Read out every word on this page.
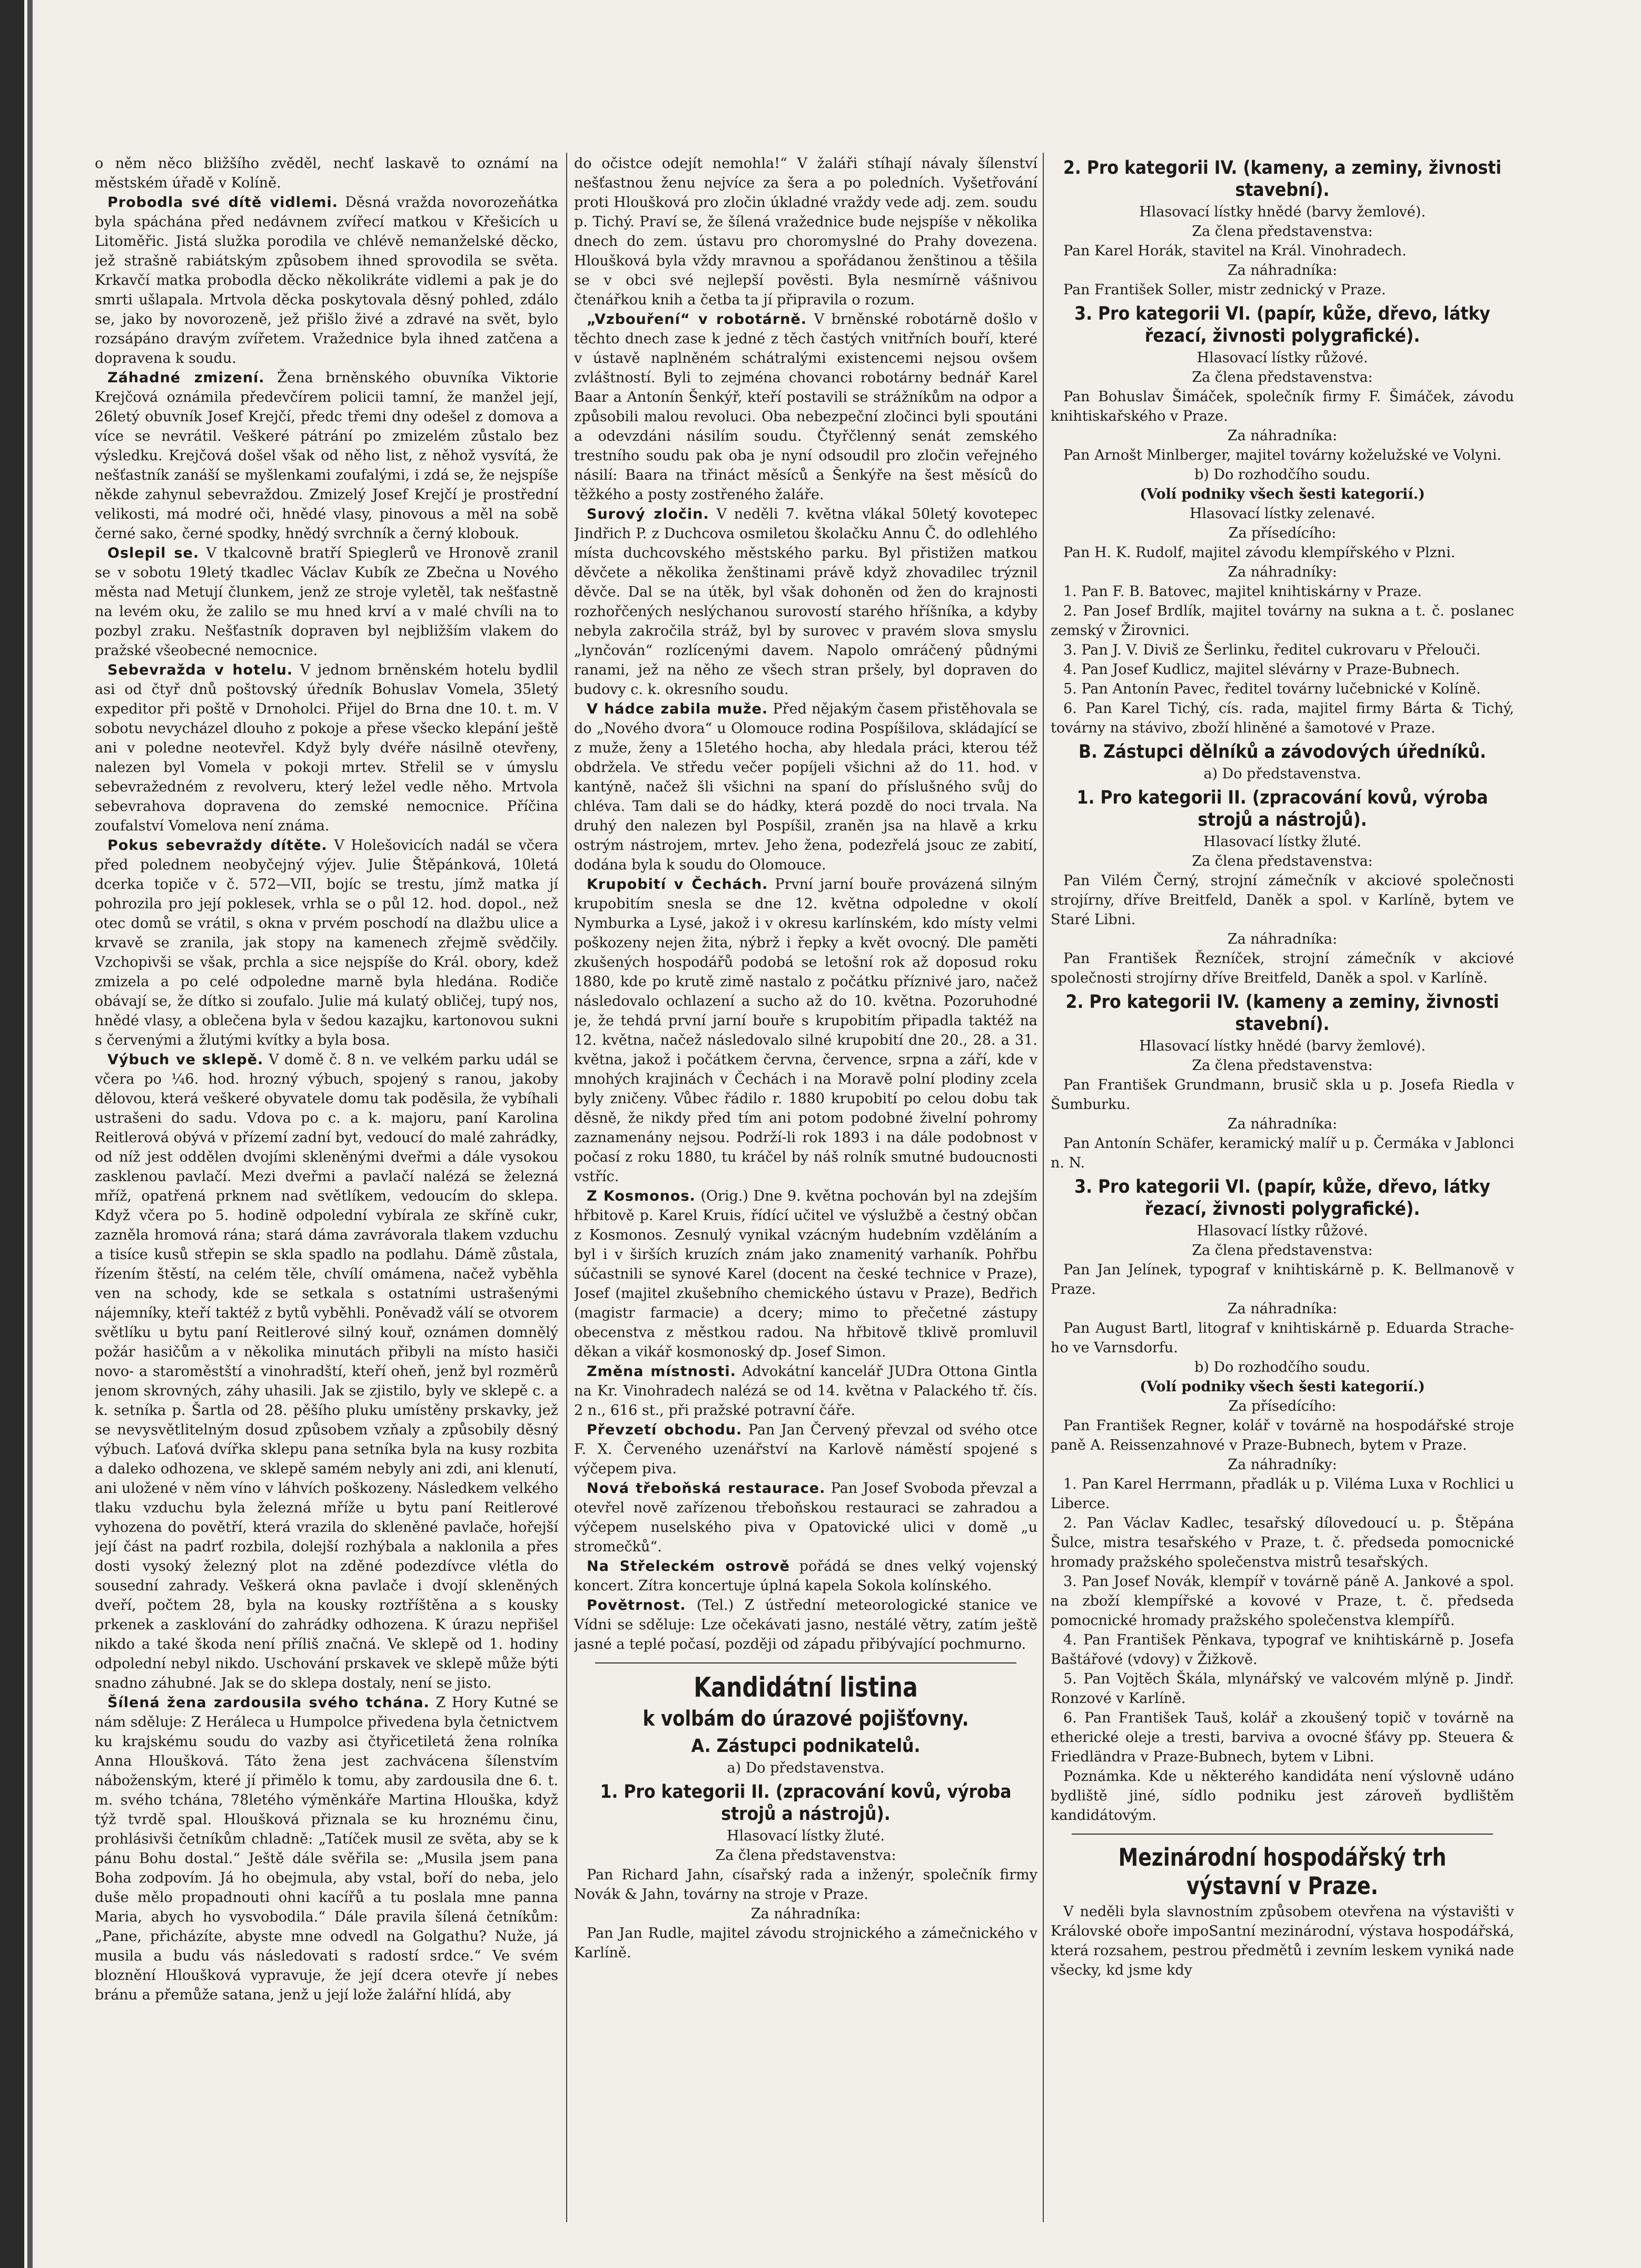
o něm něco bližšího zvěděl, nechť laskavě to oznámí na městském úřadě v Kolíně.

Probodla své dítě vidlemi. Děsná vražda novorozeňátka byla spáchána před nedávnem zvířecí matkou v Křešicích u Litoměřic. Jistá služka porodila ve chlévě nemanželské děcko, jež strašně rabiátským způsobem ihned sprovodila se světa. Krkavčí matka probodla děcko několikráte vidlemi a pak je do smrti ušlapala. Mrtvola děcka poskytovala děsný pohled, zdálo se, jako by novorozeně, jež přišlo živé a zdravé na svět, bylo rozsápáno dravým zvířetem. Vražednice byla ihned zatčena a dopravena k soudu.

Záhadné zmizení. Žena brněnského obuvníka Viktorie Krejčová oznámila předevčírem policii tamní, že manžel její, 26letý obuvník Josef Krejčí, předc třemi dny odešel z domova a více se nevrátil. Veškeré pátrání po zmizelém zůstalo bez výsledku. Krejčová došel však od něho list, z něhož vysvítá, že nešťastník zanáší se myšlenkami zoufalými, i zdá se, že nejspíše někde zahynul sebevraždou. Zmizelý Josef Krejčí je prostřední velikosti, má modré oči, hnědé vlasy, pinovous a měl na sobě černé sako, černé spodky, hnědý svrchník a černý klobouk.

Oslepil se. V tkalcovně bratří Spieglerů ve Hronově zranil se v sobotu 19letý tkadlec Václav Kubík ze Zbečna u Nového města nad Metují člunkem, jenž ze stroje vyletěl, tak nešťastně na levém oku, že zalilo se mu hned krví a v malé chvíli na to pozbyl zraku. Nešťastník dopraven byl nejbližším vlakem do pražské všeobecné nemocnice.

Sebevražda v hotelu. V jednom brněnském hotelu bydlil asi od čtyř dnů poštovský úředník Bohuslav Vomela, 35letý expeditor při poště v Drnoholci. Přijel do Brna dne 10. t. m. V sobotu nevycházel dlouho z pokoje a přese všecko klepání ještě ani v poledne neotevřel. Když byly dvéře násilně otevřeny, nalezen byl Vomela v pokoji mrtev. Střelil se v úmyslu sebevražedném z revolveru, který ležel vedle něho. Mrtvola sebevrahova dopravena do zemské nemocnice. Příčina zoufalství Vomelova není známa.

Pokus sebevraždy dítěte. V Holešovicích nadál se včera před polednem neobyčejný výjev. Julie Štěpánková, 10letá dcerka topiče v č. 572—VII, bojíc se trestu, jímž matka jí pohrozila pro její poklesek, vrhla se o půl 12. hod. dopol., než otec domů se vrátil, s okna v prvém poschodí na dlažbu ulice a krvavě se zranila, jak stopy na kamenech zřejmě svědčily. Vzchopivši se však, prchla a sice nejspíše do Král. obory, kdež zmizela a po celé odpoledne marně byla hledána. Rodiče obávají se, že dítko si zoufalo. Julie má kulatý obličej, tupý nos, hnědé vlasy, a oblečena byla v šedou kazajku, kartonovou sukni s červenými a žlutými kvítky a byla bosa.

Výbuch ve sklepě. V domě č. 8 n. ve velkém parku udál se včera po ¼6. hod. hrozný výbuch, spojený s ranou, jakoby dělovou, která veškeré obyvatele domu tak poděsila, že vybíhali ustrašeni do sadu. Vdova po c. a k. majoru, paní Karolina Reitlerová obývá v přízemí zadní byt, vedoucí do malé zahrádky, od níž jest oddělen dvojími skleněnými dveřmi a dále vysokou zasklenou pavlačí. Mezi dveřmi a pavlačí nalézá se železná mříž, opatřená prknem nad světlíkem, vedoucím do sklepa. Když včera po 5. hodině odpolední vybírala ze skříně cukr, zazněla hromová rána; stará dáma zavrávorala tlakem vzduchu a tisíce kusů střepin se skla spadlo na podlahu. Dámě zůstala, řízením štěstí, na celém těle, chvílí omámena, načež vyběhla ven na schody, kde se setkala s ostatními ustrašenými nájemníky, kteří taktéž z bytů vyběhli. Poněvadž válí se otvorem světlíku u bytu paní Reitlerové silný kouř, oznámen domnělý požár hasičům a v několika minutách přibyli na místo hasiči novo- a staroměstští a vinohradští, kteří oheň, jenž byl rozměrů jenom skrovných, záhy uhasili. Jak se zjistilo, byly ve sklepě c. a k. setníka p. Šartla od 28. pěšího pluku umístěny prskavky, jež se nevysvětlitelným dosud způsobem vzňaly a způsobily děsný výbuch. Laťová dvířka sklepu pana setníka byla na kusy rozbita a daleko odhozena, ve sklepě samém nebyly ani zdi, ani klenutí, ani uložené v něm víno v láhvích poškozeny. Následkem velkého tlaku vzduchu byla železná mříže u bytu paní Reitlerové vyhozena do povětří, která vrazila do skleněné pavlače, hořejší její část na padrť rozbila, dolejší rozhýbala a naklonila a přes dosti vysoký železný plot na zděné podezdívce vlétla do sousední zahrady. Veškerá okna pavlače i dvojí skleněných dveří, počtem 28, byla na kousky roztříštěna a s kousky prkenek a zasklování do zahrádky odhozena. K úrazu nepřišel nikdo a také škoda není příliš značná. Ve sklepě od 1. hodiny odpolední nebyl nikdo. Uschování prskavek ve sklepě může býti snadno záhubné. Jak se do sklepa dostaly, není se jisto.

Šílená žena zardousila svého tchána. Z Hory Kutné se nám sděluje: Z Heráleca u Humpolce přivedena byla četnictvem ku krajskému soudu do vazby asi čtyřicetiletá žena rolníka Anna Hloušková. Táto žena jest zachvácena šílenstvím náboženským, které jí přimělo k tomu, aby zardousila dne 6. t. m. svého tchána, 78letého výměnkáře Martina Hlouška, když týž tvrdě spal. Hloušková přiznala se ku hroznému činu, prohlásivši četníkům chladně: „Tatíček musil ze světa, aby se k pánu Bohu dostal.“ Ještě dále svěřila se: „Musila jsem pana Boha zodpovím. Já ho obejmula, aby vstal, boří do neba, jelo duše mělo propadnouti ohni kacířů a tu poslala mne panna Maria, abych ho vysvobodila.“ Dále pravila šílená četníkům: „Pane, přicházíte, abyste mne odvedl na Golgathu? Nuže, já musila a budu vás následovati s radostí srdce.“ Ve svém bloznění Hloušková vypravuje, že její dcera otevře jí nebes bránu a přemůže satana, jenž u její lože žalářní hlídá, aby

do očistce odejít nemohla!“ V žaláři stíhají návaly šílenství nešťastnou ženu nejvíce za šera a po poledních. Vyšetřování proti Hloušková pro zločin úkladné vraždy vede adj. zem. soudu p. Tichý. Praví se, že šílená vražednice bude nejspíše v několika dnech do zem. ústavu pro choromyslné do Prahy dovezena. Hloušková byla vždy mravnou a spořádanou ženštinou a těšila se v obci své nejlepší pověsti. Byla nesmírně vášnivou čtenářkou knih a četba ta jí připravila o rozum.

„Vzbouření“ v robotárně. V brněnské robotárně došlo v těchto dnech zase k jedné z těch častých vnitřních bouří, které v ústavě naplněném schátralými existencemi nejsou ovšem zvláštností. Byli to zejména chovanci robotárny bednář Karel Baar a Antonín Šenkýř, kteří postavili se strážníkům na odpor a způsobili malou revoluci. Oba nebezpeční zločinci byli spoutáni a odevzdáni násilím soudu. Čtyřčlenný senát zemského trestního soudu pak oba je nyní odsoudil pro zločin veřejného násilí: Baara na třináct měsíců a Šenkýře na šest měsíců do těžkého a posty zostřeného žaláře.

Surový zločin. V neděli 7. května vlákal 50letý kovotepec Jindřich P. z Duchcova osmiletou školačku Annu Č. do odlehlého místa duchcovského městského parku. Byl přistižen matkou děvčete a několika ženštinami právě když zhovadilec trýznil děvče. Dal se na útěk, byl však dohoněn od žen do krajnosti rozhořčených neslýchanou surovostí starého hříšníka, a kdyby nebyla zakročila stráž, byl by surovec v pravém slova smyslu „lynčován“ rozlícenými davem. Napolo omráčený půdnými ranami, jež na něho ze všech stran pršely, byl dopraven do budovy c. k. okresního soudu.

V hádce zabila muže. Před nějakým časem přistěhovala se do „Nového dvora“ u Olomouce rodina Pospíšilova, skládající se z muže, ženy a 15letého hocha, aby hledala práci, kterou též obdržela. Ve středu večer popíjeli všichni až do 11. hod. v kantýně, načež šli všichni na spaní do příslušného svůj do chléva. Tam dali se do hádky, která pozdě do noci trvala. Na druhý den nalezen byl Pospíšil, zraněn jsa na hlavě a krku ostrým nástrojem, mrtev. Jeho žena, podezřelá jsouc ze zabití, dodána byla k soudu do Olomouce.

Krupobití v Čechách. První jarní bouře provázená silným krupobitím snesla se dne 12. května odpoledne v okolí Nymburka a Lysé, jakož i v okresu karlínském, kdo místy velmi poškozeny nejen žita, nýbrž i řepky a květ ovocný. Dle paměti zkušených hospodářů podobá se letošní rok až doposud roku 1880, kde po krutě zimě nastalo z počátku příznivé jaro, načež následovalo ochlazení a sucho až do 10. května. Pozoruhodné je, že tehdá první jarní bouře s krupobitím připadla taktéž na 12. května, načež následovalo silné krupobití dne 20., 28. a 31. května, jakož i počátkem června, července, srpna a září, kde v mnohých krajinách v Čechách i na Moravě polní plodiny zcela byly zničeny. Vůbec řádilo r. 1880 krupobití po celou dobu tak děsně, že nikdy před tím ani potom podobné živelní pohromy zaznamenány nejsou. Podrží-li rok 1893 i na dále podobnost v počasí z roku 1880, tu kráčel by náš rolník smutné budoucnosti vstříc.

Z Kosmonos. (Orig.) Dne 9. května pochován byl na zdejším hřbitově p. Karel Kruis, řídící učitel ve výslužbě a čestný občan z Kosmonos. Zesnulý vynikal vzácným hudebním vzděláním a byl i v širších kruzích znám jako znamenitý varhaník. Pohřbu súčastnili se synové Karel (docent na české technice v Praze), Josef (majitel zkušebního chemického ústavu v Praze), Bedřich (magistr farmacie) a dcery; mimo to přečetné zástupy obecenstva z městkou radou. Na hřbitově tklivě promluvil děkan a vikář kosmonoský dp. Josef Simon.

Změna místnosti. Advokátní kancelář JUDra Ottona Gintla na Kr. Vinohradech nalézá se od 14. května v Palackého tř. čís. 2 n., 616 st., při pražské potravní čáře.

Převzetí obchodu. Pan Jan Červený převzal od svého otce F. X. Červeného uzenářství na Karlově náměstí spojené s výčepem piva.

Nová třeboňská restaurace. Pan Josef Svoboda převzal a otevřel nově zařízenou třeboňskou restauraci se zahradou a výčepem nuselského piva v Opatovické ulici v domě „u stromečků“.

Na Střeleckém ostrově pořádá se dnes velký vojenský koncert. Zítra koncertuje úplná kapela Sokola kolínského.

Povětrnost. (Tel.) Z ústřední meteorologické stanice ve Vídni se sděluje: Lze očekávati jasno, nestálé větry, zatím ještě jasné a teplé počasí, později od západu přibývající pochmurno.

Kandidátní listina
k volbám do úrazové pojišťovny.
A. Zástupci podnikatelů.
a) Do představenstva.
1. Pro kategorii II. (zpracování kovů, výroba strojů a nástrojů).
Hlasovací lístky žluté.
Za člena představenstva:

Pan Richard Jahn, císařský rada a inženýr, společník firmy Novák & Jahn, továrny na stroje v Praze.

Za náhradníka:

Pan Jan Rudle, majitel závodu strojnického a zámečnického v Karlíně.

2. Pro kategorii IV. (kameny, a zeminy, živnosti stavební).
Hlasovací lístky hnědé (barvy žemlové).
Za člena představenstva:

Pan Karel Horák, stavitel na Král. Vinohradech.

Za náhradníka:

Pan František Soller, mistr zednický v Praze.

3. Pro kategorii VI. (papír, kůže, dřevo, látky řezací, živnosti polygrafické).
Hlasovací lístky růžové.
Za člena představenstva:

Pan Bohuslav Šimáček, společník firmy F. Šimáček, závodu knihtiskařského v Praze.

Za náhradníka:

Pan Arnošt Minlberger, majitel továrny koželužské ve Volyni.

b) Do rozhodčího soudu.
(Volí podniky všech šesti kategorií.)
Hlasovací lístky zelenavé.
Za přísedícího:

Pan H. K. Rudolf, majitel závodu klempířského v Plzni.

Za náhradníky:

1. Pan F. B. Batovec, majitel knihtiskárny v Praze.

2. Pan Josef Brdlík, majitel továrny na sukna a t. č. poslanec zemský v Žirovnici.

3. Pan J. V. Diviš ze Šerlinku, ředitel cukrovaru v Přelouči.

4. Pan Josef Kudlicz, majitel slévárny v Praze-Bubnech.

5. Pan Antonín Pavec, ředitel továrny lučebnické v Kolíně.

6. Pan Karel Tichý, cís. rada, majitel firmy Bárta & Tichý, továrny na stávivo, zboží hliněné a šamotové v Praze.

B. Zástupci dělníků a závodových úředníků.
a) Do představenstva.
1. Pro kategorii II. (zpracování kovů, výroba strojů a nástrojů).
Hlasovací lístky žluté.
Za člena představenstva:

Pan Vilém Černý, strojní zámečník v akciové společnosti strojírny, dříve Breitfeld, Daněk a spol. v Karlíně, bytem ve Staré Libni.

Za náhradníka:

Pan František Řezníček, strojní zámečník v akciové společnosti strojírny dříve Breitfeld, Daněk a spol. v Karlíně.

2. Pro kategorii IV. (kameny a zeminy, živnosti stavební).
Hlasovací lístky hnědé (barvy žemlové).
Za člena představenstva:

Pan František Grundmann, brusič skla u p. Josefa Riedla v Šumburku.

Za náhradníka:

Pan Antonín Schäfer, keramický malíř u p. Čermáka v Jablonci n. N.

3. Pro kategorii VI. (papír, kůže, dřevo, látky řezací, živnosti polygrafické).
Hlasovací lístky růžové.
Za člena představenstva:

Pan Jan Jelínek, typograf v knihtiskárně p. K. Bellmanově v Praze.

Za náhradníka:

Pan August Bartl, litograf v knihtiskárně p. Eduarda Strache-ho ve Varnsdorfu.

b) Do rozhodčího soudu.
(Volí podniky všech šesti kategorií.)
Za přísedícího:

Pan František Regner, kolář v továrně na hospodářské stroje paně A. Reissenzahnové v Praze-Bubnech, bytem v Praze.

Za náhradníky:

1. Pan Karel Herrmann, přadlák u p. Viléma Luxa v Rochlici u Liberce.

2. Pan Václav Kadlec, tesařský dílovedoucí u. p. Štěpána Šulce, mistra tesařského v Praze, t. č. předseda pomocnické hromady pražského společenstva mistrů tesařských.

3. Pan Josef Novák, klempíř v továrně páně A. Jankové a spol. na zboží klempířské a kovové v Praze, t. č. předseda pomocnické hromady pražského společenstva klempířů.

4. Pan František Pěnkava, typograf ve knihtiskárně p. Josefa Baštářové (vdovy) v Žižkově.

5. Pan Vojtěch Škála, mlynářský ve valcovém mlýně p. Jindř. Ronzové v Karlíně.

6. Pan František Tauš, kolář a zkoušený topič v továrně na etherické oleje a tresti, barviva a ovocné šťávy pp. Steuera & Friedländra v Praze-Bubnech, bytem v Libni.

Poznámka. Kde u některého kandidáta není výslovně udáno bydliště jiné, sídlo podniku jest zároveň bydlištěm kandidátovým.

Mezinárodní hospodářský trh výstavní v Praze.

V neděli byla slavnostním způsobem otevřena na výstavišti v Královské oboře impoSantní mezinárodní, výstava hospodářská, která rozsahem, pestrou předmětů i zevním leskem vyniká nade všecky, kd jsme kdy
